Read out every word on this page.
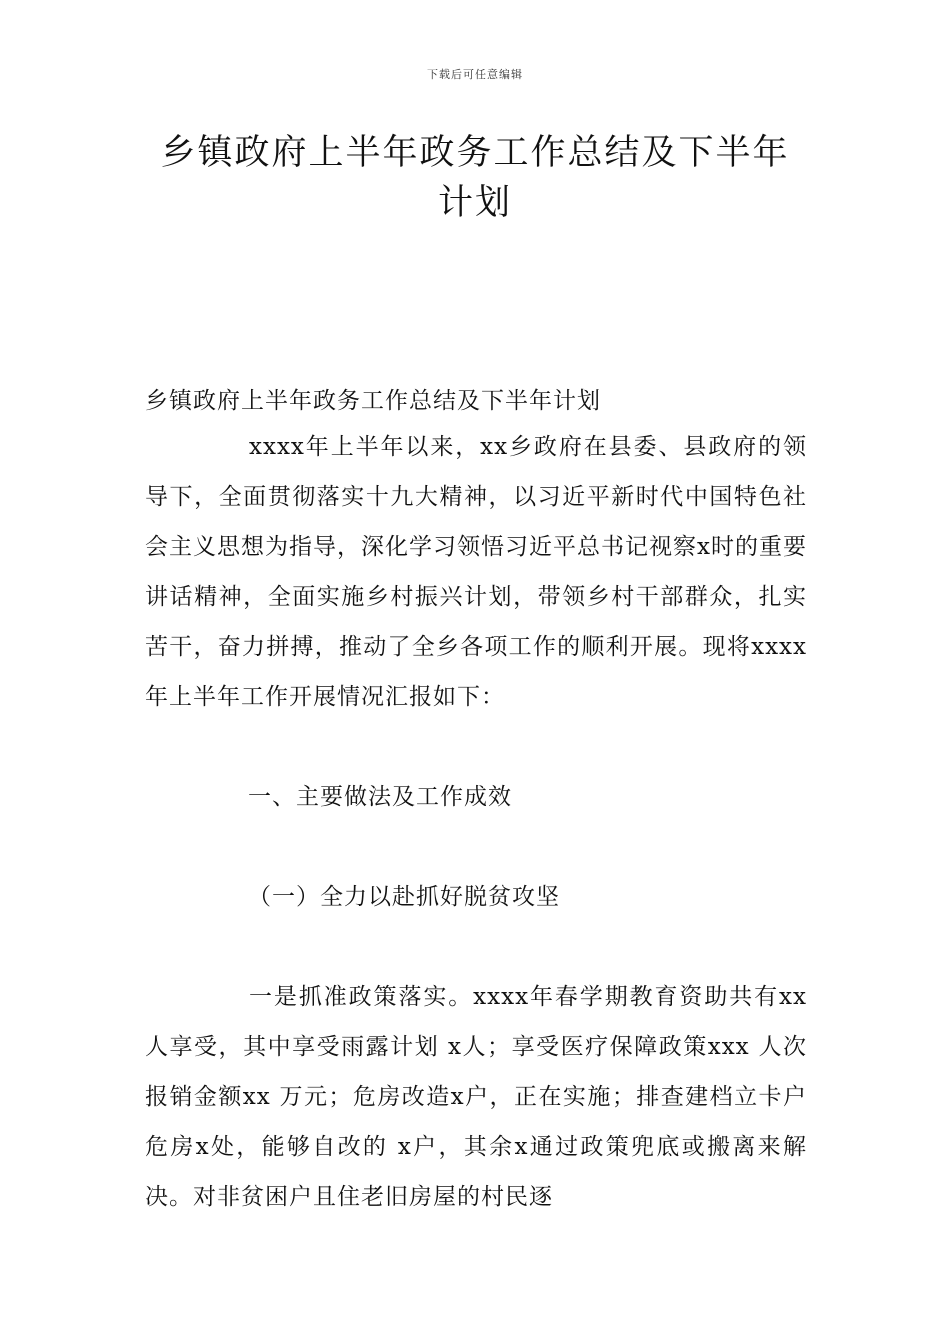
下载后可任意编辑
乡镇政府上半年政务工作总结及下半年计划
乡镇政府上半年政务工作总结及下半年计划
xxxx年上半年以来，xx乡政府在县委、县政府的领导下，全面贯彻落实十九大精神，以习近平新时代中国特色社会主义思想为指导，深化学习领悟习近平总书记视察x时的重要讲话精神，全面实施乡村振兴计划，带领乡村干部群众，扎实苦干，奋力拼搏，推动了全乡各项工作的顺利开展。现将xxxx年上半年工作开展情况汇报如下：
一、主要做法及工作成效
（一）全力以赴抓好脱贫攻坚
一是抓准政策落实。xxxx年春学期教育资助共有xx人享受，其中享受雨露计划 x人；享受医疗保障政策xxx 人次报销金额xx 万元；危房改造x户，正在实施；排查建档立卡户危房x处，能够自改的 x户，其余x通过政策兜底或搬离来解决。对非贫困户且住老旧房屋的村民逐
